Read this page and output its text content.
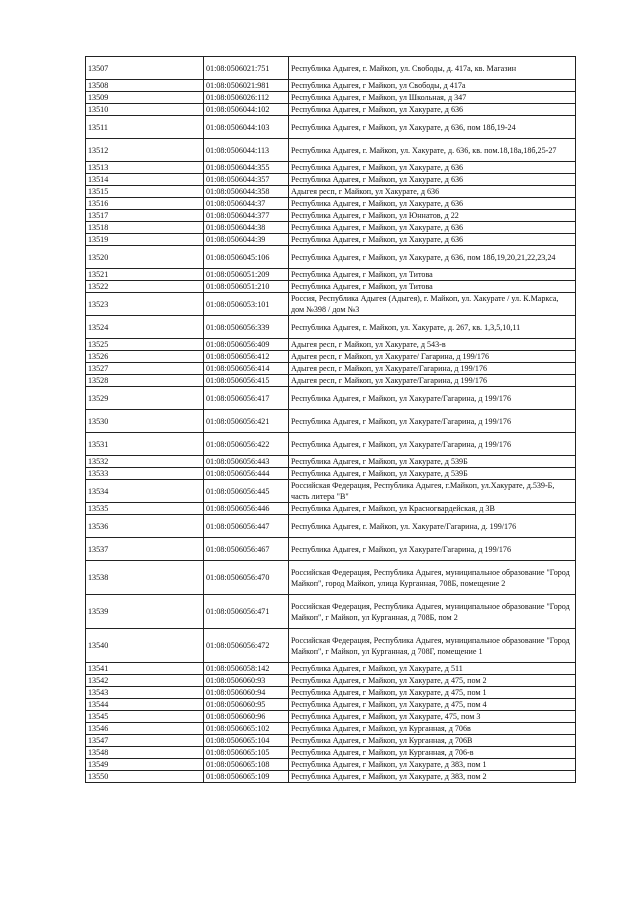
13507	01:08:0506021:751	Республика Адыгея, г. Майкоп, ул. Свободы, д. 417а, кв. Магазин

13508	01:08:0506021:981	Республика Адыгея, г Майкоп, ул Свободы, д 417а

13509	01:08:0506026:112	Республика Адыгея, г Майкоп, ул Школьная, д 347

13510	01:08:0506044:102	Республика Адыгея, г Майкоп, ул Хакурате, д 636

13511	01:08:0506044:103	Республика Адыгея, г Майкоп, ул Хакурате, д 636, пом 18б,19-24

13512	01:08:0506044:113	Республика Адыгея, г. Майкоп, ул. Хакурате, д. 636, кв. пом.18,18а,18б,25-27

13513	01:08:0506044:355	Республика Адыгея, г Майкоп, ул Хакурате, д 636

13514	01:08:0506044:357	Республика Адыгея, г Майкоп, ул Хакурате, д 636

13515	01:08:0506044:358	Адыгея респ, г Майкоп, ул Хакурате, д 636

13516	01:08:0506044:37	Республика Адыгея, г Майкоп, ул Хакурате, д 636

13517	01:08:0506044:377	Республика Адыгея, г Майкоп, ул Юннатов, д 22

13518	01:08:0506044:38	Республика Адыгея, г Майкоп, ул Хакурате, д 636

13519	01:08:0506044:39	Республика Адыгея, г Майкоп, ул Хакурате, д 636

13520	01:08:0506045:106	Республика Адыгея, г Майкоп, ул Хакурате, д 636, пом 18б,19,20,21,22,23,24

13521	01:08:0506051:209	Республика Адыгея, г Майкоп, ул Титова

13522	01:08:0506051:210	Республика Адыгея, г Майкоп, ул Титова

13523	01:08:0506053:101	Россия, Республика Адыгея (Адыгея), г. Майкоп, ул. Хакурате / ул. К.Маркса, дом №398 / дом №3

13524	01:08:0506056:339	Республика Адыгея, г. Майкоп, ул. Хакурате, д. 267, кв. 1,3,5,10,11

13525	01:08:0506056:409	Адыгея респ, г Майкоп, ул Хакурате, д 543-в

13526	01:08:0506056:412	Адыгея респ, г Майкоп, ул Хакурате/ Гагарина, д 199/176

13527	01:08:0506056:414	Адыгея респ, г Майкоп, ул Хакурате/Гагарина, д 199/176

13528	01:08:0506056:415	Адыгея респ, г Майкоп, ул Хакурате/Гагарина, д 199/176

13529	01:08:0506056:417	Республика Адыгея, г Майкоп, ул Хакурате/Гагарина, д 199/176

13530	01:08:0506056:421	Республика Адыгея, г Майкоп, ул Хакурате/Гагарина, д 199/176

13531	01:08:0506056:422	Республика Адыгея, г Майкоп, ул Хакурате/Гагарина, д 199/176

13532	01:08:0506056:443	Республика Адыгея, г Майкоп, ул Хакурате, д 539Б

13533	01:08:0506056:444	Республика Адыгея, г Майкоп, ул Хакурате, д 539Б

13534	01:08:0506056:445	Российская Федерация, Республика Адыгея, г.Майкоп, ул.Хакурате, д.539-Б, часть литера "В"

13535	01:08:0506056:446	Республика Адыгея, г Майкоп, ул Красногвардейская, д 3В

13536	01:08:0506056:447	Республика Адыгея, г. Майкоп, ул. Хакурате/Гагарина, д. 199/176

13537	01:08:0506056:467	Республика Адыгея, г Майкоп, ул Хакурате/Гагарина, д 199/176

13538	01:08:0506056:470	Российская Федерация, Республика Адыгея, муниципальное образование "Город Майкоп", город Майкоп, улица Курганная, 708Б, помещение 2

13539	01:08:0506056:471	Российская Федерация, Республика Адыгея, муниципальное образование "Город Майкоп", г Майкоп, ул Курганная, д 708Б, пом 2

13540	01:08:0506056:472	Российская Федерация, Республика Адыгея, муниципальное образование "Город Майкоп", г Майкоп, ул Курганная, д 708Г, помещение 1

13541	01:08:0506058:142	Республика Адыгея, г Майкоп, ул Хакурате, д 511

13542	01:08:0506060:93	Республика Адыгея, г Майкоп, ул Хакурате, д 475, пом 2

13543	01:08:0506060:94	Республика Адыгея, г Майкоп, ул Хакурате, д 475, пом 1

13544	01:08:0506060:95	Республика Адыгея, г Майкоп, ул Хакурате, д 475, пом 4

13545	01:08:0506060:96	Республика Адыгея, г Майкоп, ул Хакурате, 475, пом 3

13546	01:08:0506065:102	Республика Адыгея, г Майкоп, ул Курганная, д 706в

13547	01:08:0506065:104	Республика Адыгея, г Майкоп, ул Курганная, д 706В

13548	01:08:0506065:105	Республика Адыгея, г Майкоп, ул Курганная, д 706-в

13549	01:08:0506065:108	Республика Адыгея, г Майкоп, ул Хакурате, д 383, пом 1

13550	01:08:0506065:109	Республика Адыгея, г Майкоп, ул Хакурате, д 383, пом 2
